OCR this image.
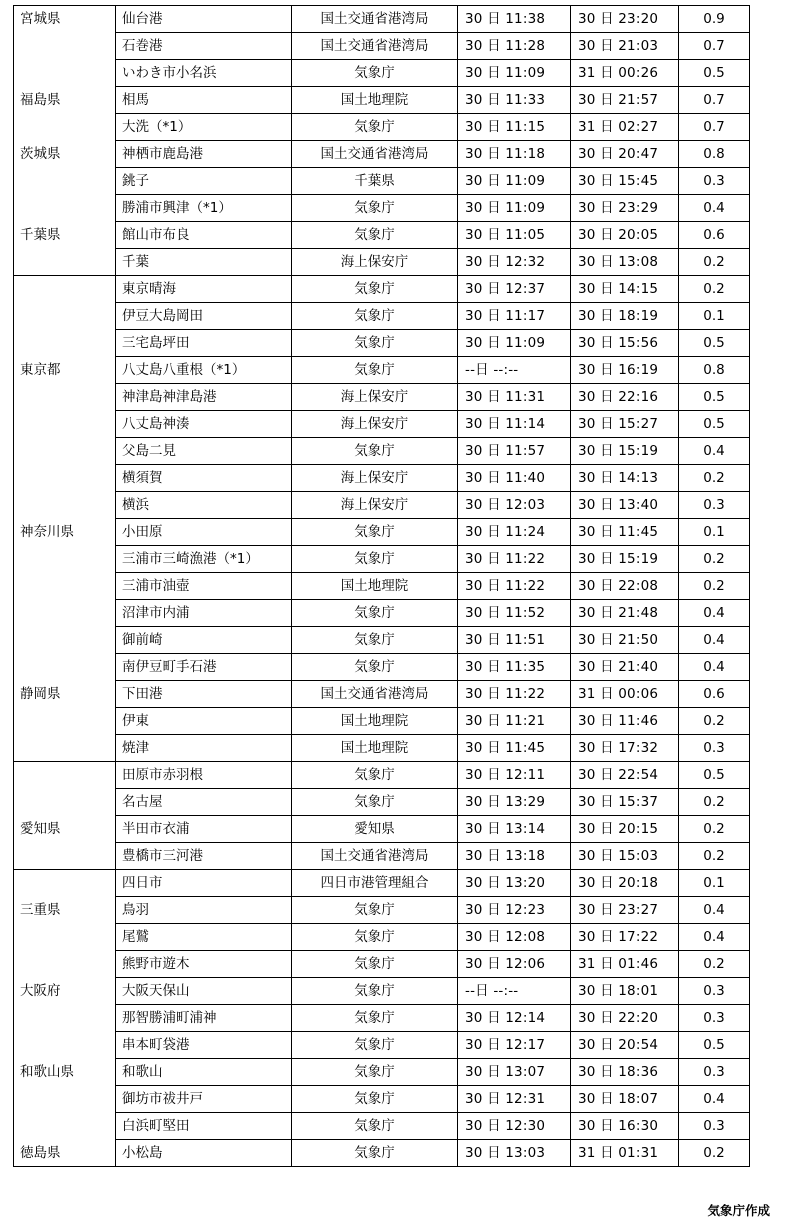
宮城県	仙台港	国土交通省港湾局	30 日 11:38	30 日 23:20	0.9
	石巻港	国土交通省港湾局	30 日 11:28	30 日 21:03	0.7
	いわき市小名浜	気象庁	30 日 11:09	31 日 00:26	0.5
福島県	相馬	国土地理院	30 日 11:33	30 日 21:57	0.7
	大洗（*1）	気象庁	30 日 11:15	31 日 02:27	0.7
茨城県	神栖市鹿島港	国土交通省港湾局	30 日 11:18	30 日 20:47	0.8
	銚子	千葉県	30 日 11:09	30 日 15:45	0.3
	勝浦市興津（*1）	気象庁	30 日 11:09	30 日 23:29	0.4
千葉県	館山市布良	気象庁	30 日 11:05	30 日 20:05	0.6
	千葉	海上保安庁	30 日 12:32	30 日 13:08	0.2
	東京晴海	気象庁	30 日 12:37	30 日 14:15	0.2
	伊豆大島岡田	気象庁	30 日 11:17	30 日 18:19	0.1
	三宅島坪田	気象庁	30 日 11:09	30 日 15:56	0.5
東京都	八丈島八重根（*1）	気象庁	--日 --:--	30 日 16:19	0.8
	神津島神津島港	海上保安庁	30 日 11:31	30 日 22:16	0.5
	八丈島神湊	海上保安庁	30 日 11:14	30 日 15:27	0.5
	父島二見	気象庁	30 日 11:57	30 日 15:19	0.4
	横須賀	海上保安庁	30 日 11:40	30 日 14:13	0.2
	横浜	海上保安庁	30 日 12:03	30 日 13:40	0.3
神奈川県	小田原	気象庁	30 日 11:24	30 日 11:45	0.1
	三浦市三崎漁港（*1）	気象庁	30 日 11:22	30 日 15:19	0.2
	三浦市油壺	国土地理院	30 日 11:22	30 日 22:08	0.2
	沼津市内浦	気象庁	30 日 11:52	30 日 21:48	0.4
	御前崎	気象庁	30 日 11:51	30 日 21:50	0.4
	南伊豆町手石港	気象庁	30 日 11:35	30 日 21:40	0.4
静岡県	下田港	国土交通省港湾局	30 日 11:22	31 日 00:06	0.6
	伊東	国土地理院	30 日 11:21	30 日 11:46	0.2
	焼津	国土地理院	30 日 11:45	30 日 17:32	0.3
	田原市赤羽根	気象庁	30 日 12:11	30 日 22:54	0.5
	名古屋	気象庁	30 日 13:29	30 日 15:37	0.2
愛知県	半田市衣浦	愛知県	30 日 13:14	30 日 20:15	0.2
	豊橋市三河港	国土交通省港湾局	30 日 13:18	30 日 15:03	0.2
	四日市	四日市港管理組合	30 日 13:20	30 日 20:18	0.1
三重県	鳥羽	気象庁	30 日 12:23	30 日 23:27	0.4
	尾鷲	気象庁	30 日 12:08	30 日 17:22	0.4
	熊野市遊木	気象庁	30 日 12:06	31 日 01:46	0.2
大阪府	大阪天保山	気象庁	--日 --:--	30 日 18:01	0.3
	那智勝浦町浦神	気象庁	30 日 12:14	30 日 22:20	0.3
	串本町袋港	気象庁	30 日 12:17	30 日 20:54	0.5
和歌山県	和歌山	気象庁	30 日 13:07	30 日 18:36	0.3
	御坊市祓井戸	気象庁	30 日 12:31	30 日 18:07	0.4
	白浜町堅田	気象庁	30 日 12:30	30 日 16:30	0.3
徳島県	小松島	気象庁	30 日 13:03	31 日 01:31	0.2
気象庁作成
